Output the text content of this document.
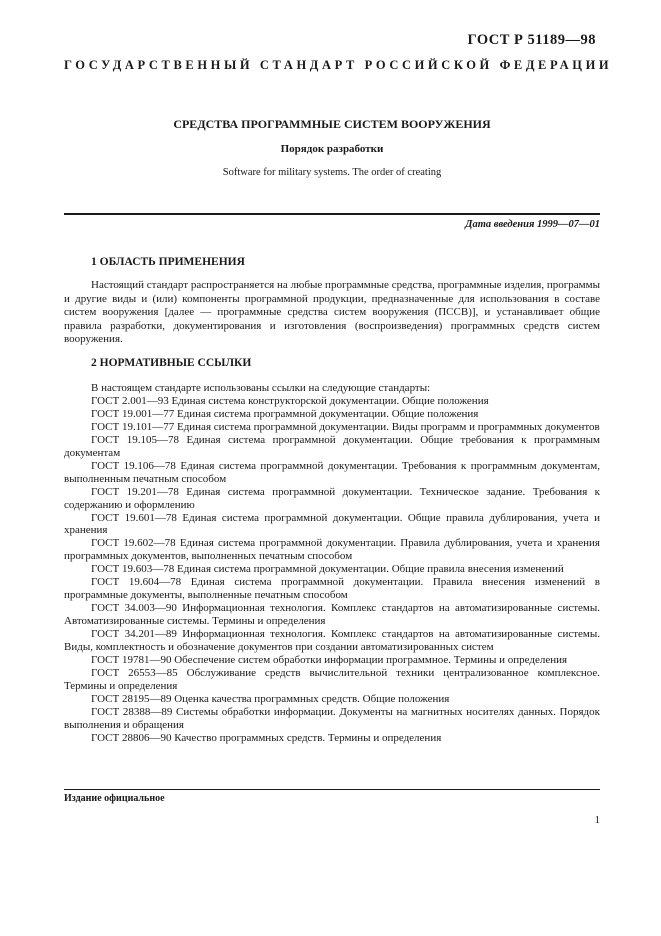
ГОСТ Р 51189—98
ГОСУДАРСТВЕННЫЙ СТАНДАРТ РОССИЙСКОЙ ФЕДЕРАЦИИ
СРЕДСТВА ПРОГРАММНЫЕ СИСТЕМ ВООРУЖЕНИЯ
Порядок разработки
Software for military systems. The order of creating
Дата введения 1999—07—01
1 ОБЛАСТЬ ПРИМЕНЕНИЯ
Настоящий стандарт распространяется на любые программные средства, программные изделия, программы и другие виды и (или) компоненты программной продукции, предназначенные для использования в составе систем вооружения [далее — программные средства систем вооружения (ПССВ)], и устанавливает общие правила разработки, документирования и изготовления (воспроизведения) программных средств систем вооружения.
2 НОРМАТИВНЫЕ ССЫЛКИ

В настоящем стандарте использованы ссылки на следующие стандарты:

ГОСТ 2.001—93 Единая система конструкторской документации. Общие положения

ГОСТ 19.001—77 Единая система программной документации. Общие положения

ГОСТ 19.101—77 Единая система программной документации. Виды программ и программных документов

ГОСТ 19.105—78 Единая система программной документации. Общие требования к программным документам

ГОСТ 19.106—78 Единая система программной документации. Требования к программным документам, выполненным печатным способом

ГОСТ 19.201—78 Единая система программной документации. Техническое задание. Требования к содержанию и оформлению

ГОСТ 19.601—78 Единая система программной документации. Общие правила дублирования, учета и хранения

ГОСТ 19.602—78 Единая система программной документации. Правила дублирования, учета и хранения программных документов, выполненных печатным способом

ГОСТ 19.603—78 Единая система программной документации. Общие правила внесения изменений

ГОСТ 19.604—78 Единая система программной документации. Правила внесения изменений в программные документы, выполненные печатным способом

ГОСТ 34.003—90 Информационная технология. Комплекс стандартов на автоматизированные системы. Автоматизированные системы. Термины и определения

ГОСТ 34.201—89 Информационная технология. Комплекс стандартов на автоматизированные системы. Виды, комплектность и обозначение документов при создании автоматизированных систем

ГОСТ 19781—90 Обеспечение систем обработки информации программное. Термины и определения

ГОСТ 26553—85 Обслуживание средств вычислительной техники централизованное комплексное. Термины и определения

ГОСТ 28195—89 Оценка качества программных средств. Общие положения

ГОСТ 28388—89 Системы обработки информации. Документы на магнитных носителях данных. Порядок выполнения и обращения

ГОСТ 28806—90 Качество программных средств. Термины и определения

Издание официальное
1
